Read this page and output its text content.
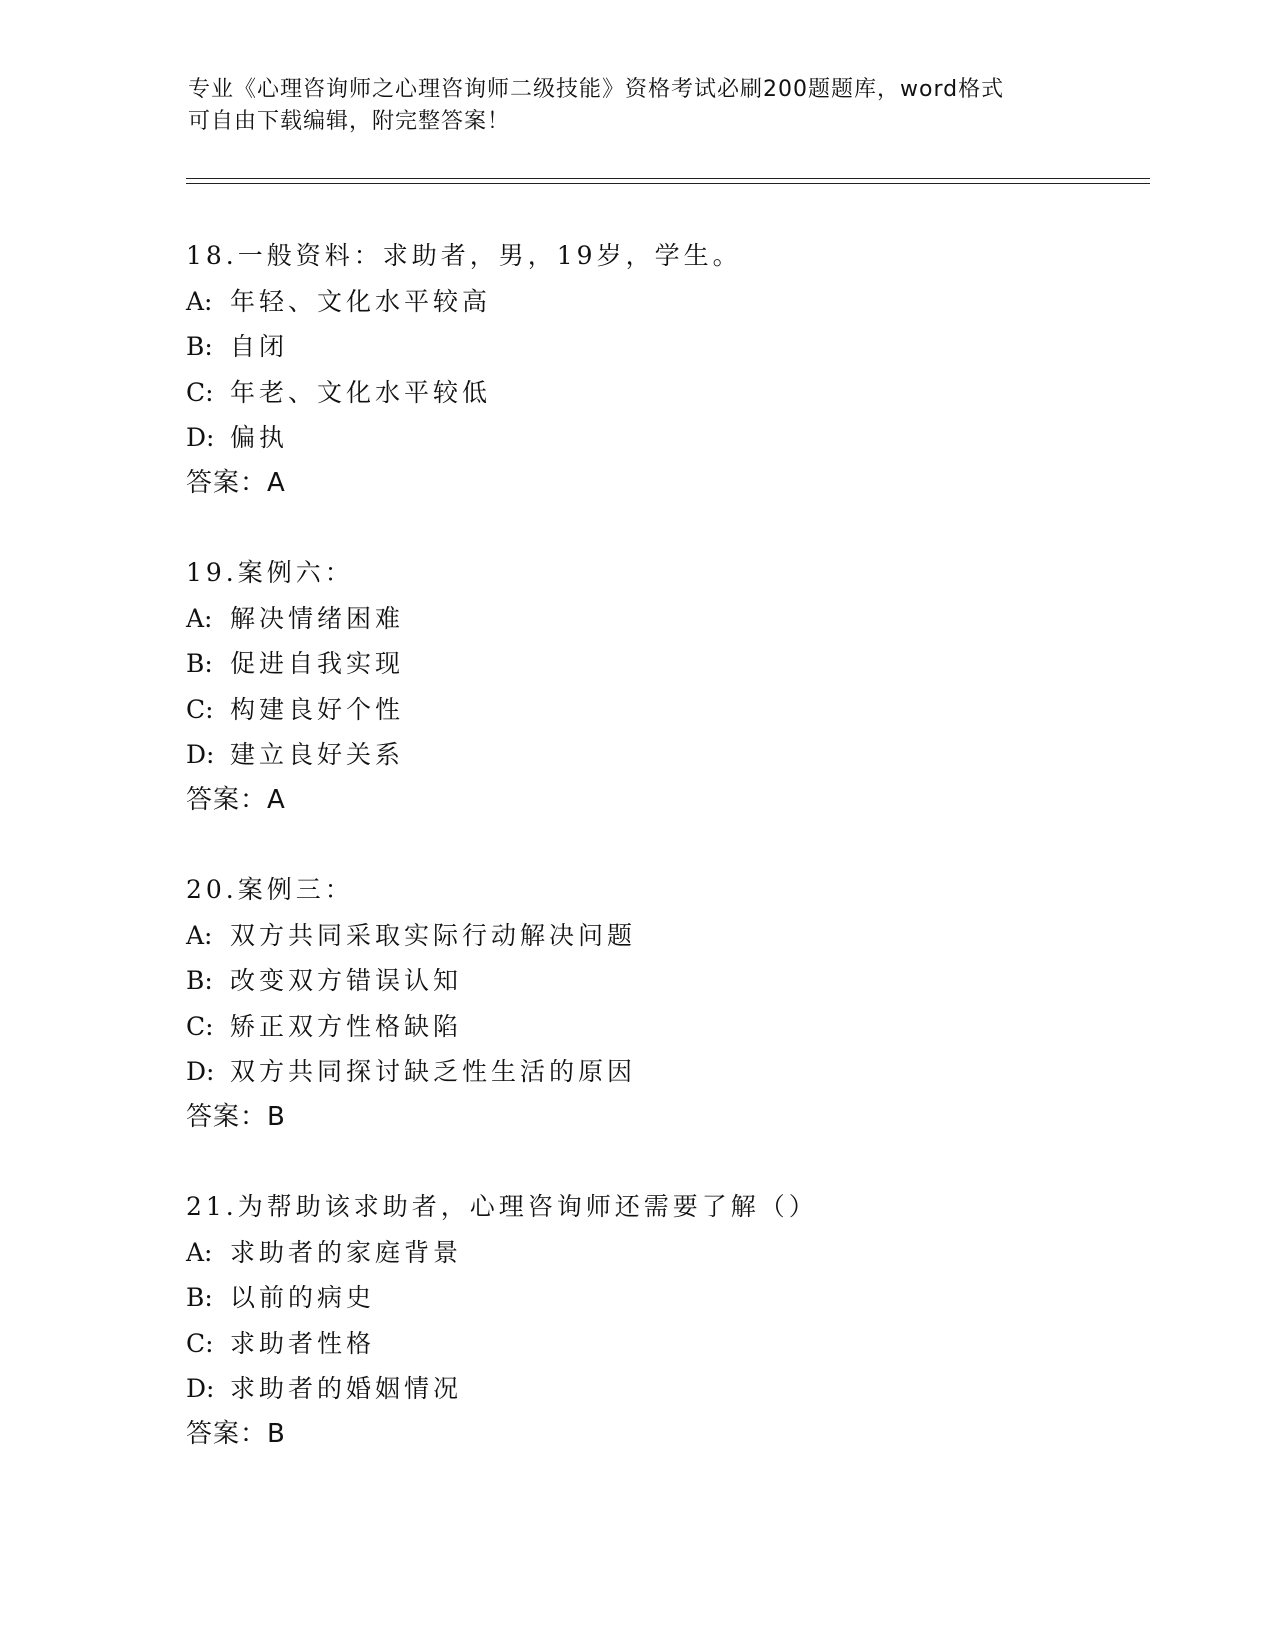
专业《心理咨询师之心理咨询师二级技能》资格考试必刷200题题库，word格式
可自由下载编辑，附完整答案！
18.一般资料：求助者，男，19岁，学生。
A: 年轻、文化水平较高
B: 自闭
C: 年老、文化水平较低
D: 偏执
答案：A
19.案例六：
A: 解决情绪困难
B: 促进自我实现
C: 构建良好个性
D: 建立良好关系
答案：A
20.案例三：
A: 双方共同采取实际行动解决问题
B: 改变双方错误认知
C: 矫正双方性格缺陷
D: 双方共同探讨缺乏性生活的原因
答案：B
21.为帮助该求助者，心理咨询师还需要了解（）
A: 求助者的家庭背景
B: 以前的病史
C: 求助者性格
D: 求助者的婚姻情况
答案：B
